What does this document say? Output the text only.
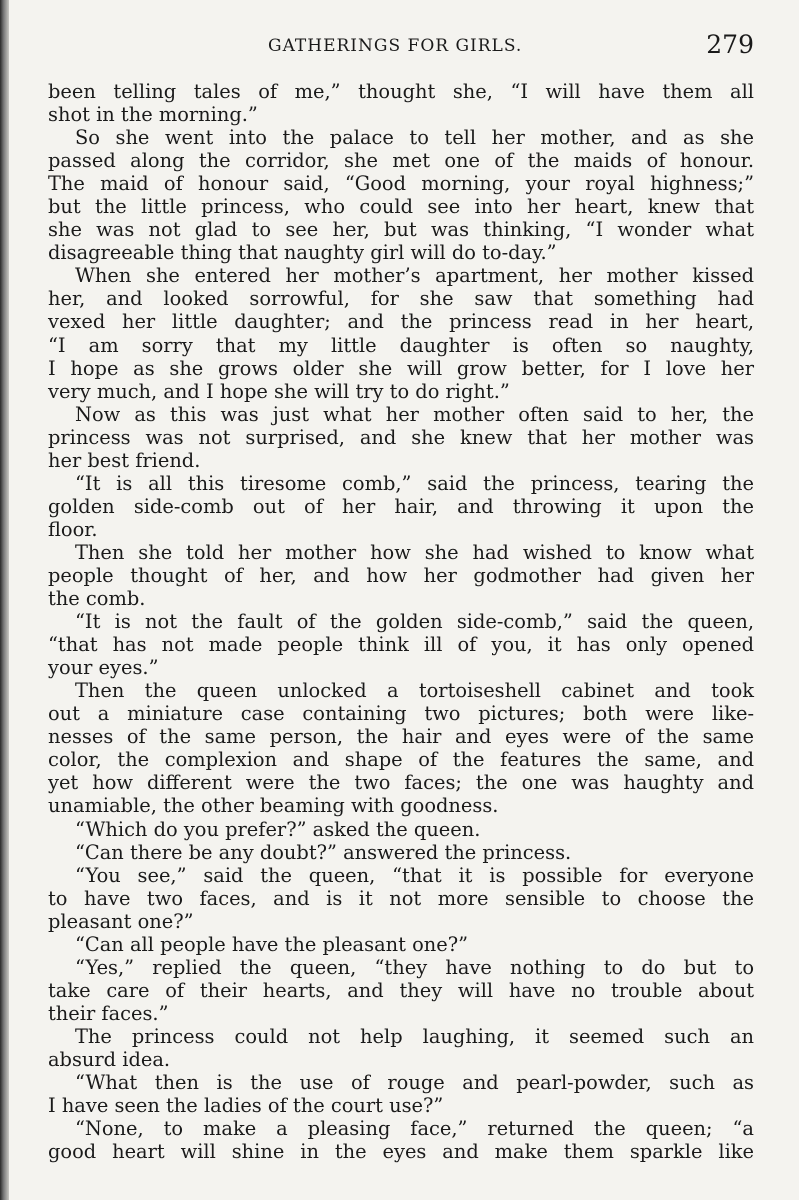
GATHERINGS FOR GIRLS.	279
been telling tales of me,” thought she, “I will have them all
shot in the morning.”
So she went into the palace to tell her mother, and as she
passed along the corridor, she met one of the maids of honour.
The maid of honour said, “Good morning, your royal highness;”
but the little princess, who could see into her heart, knew that
she was not glad to see her, but was thinking, “I wonder what
disagreeable thing that naughty girl will do to-day.”
When she entered her mother’s apartment, her mother kissed
her, and looked sorrowful, for she saw that something had
vexed her little daughter; and the princess read in her heart,
“I am sorry that my little daughter is often so naughty,
I hope as she grows older she will grow better, for I love her
very much, and I hope she will try to do right.”
Now as this was just what her mother often said to her, the
princess was not surprised, and she knew that her mother was
her best friend.
“It is all this tiresome comb,” said the princess, tearing the
golden side-comb out of her hair, and throwing it upon the
floor.
Then she told her mother how she had wished to know what
people thought of her, and how her godmother had given her
the comb.
“It is not the fault of the golden side-comb,” said the queen,
“that has not made people think ill of you, it has only opened
your eyes.”
Then the queen unlocked a tortoiseshell cabinet and took
out a miniature case containing two pictures; both were like-
nesses of the same person, the hair and eyes were of the same
color, the complexion and shape of the features the same, and
yet how different were the two faces; the one was haughty and
unamiable, the other beaming with goodness.
“Which do you prefer?” asked the queen.
“Can there be any doubt?” answered the princess.
“You see,” said the queen, “that it is possible for everyone
to have two faces, and is it not more sensible to choose the
pleasant one?”
“Can all people have the pleasant one?”
“Yes,” replied the queen, “they have nothing to do but to
take care of their hearts, and they will have no trouble about
their faces.”
The princess could not help laughing, it seemed such an
absurd idea.
“What then is the use of rouge and pearl-powder, such as
I have seen the ladies of the court use?”
“None, to make a pleasing face,” returned the queen; “a
good heart will shine in the eyes and make them sparkle like
